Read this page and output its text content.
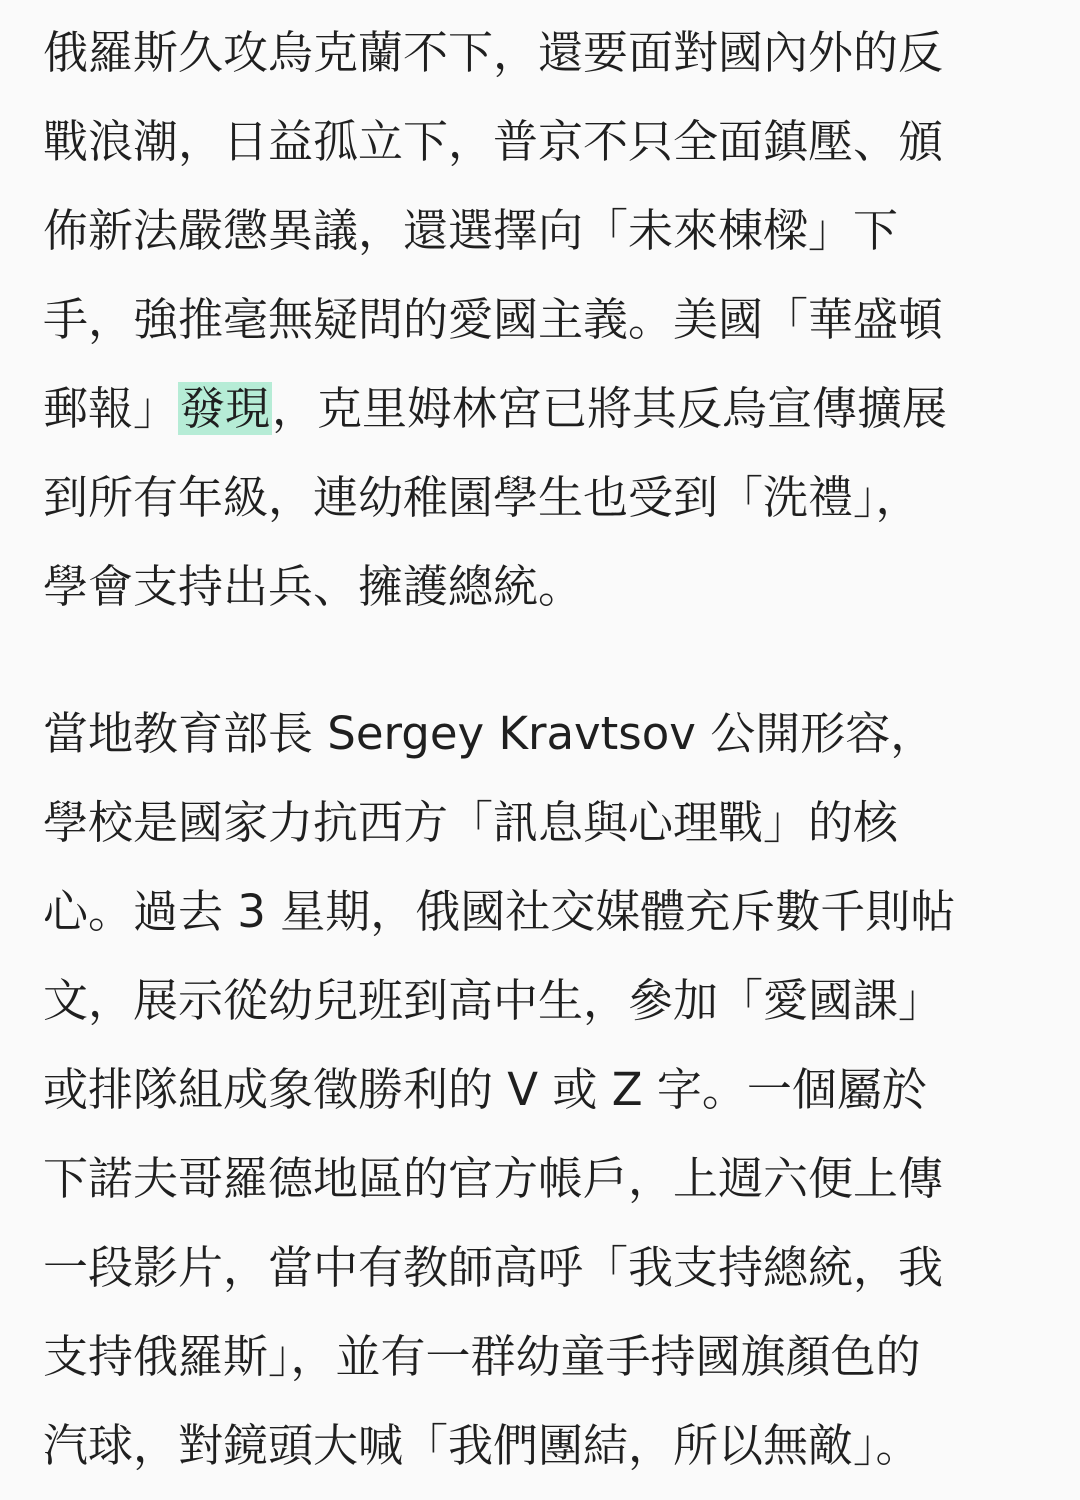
俄羅斯久攻烏克蘭不下，還要面對國內外的反
戰浪潮，日益孤立下，普京不只全面鎮壓、頒
佈新法嚴懲異議，還選擇向「未來棟樑」下
手，強推毫無疑問的愛國主義。美國「華盛頓
郵報」發現，克里姆林宮已將其反烏宣傳擴展
到所有年級，連幼稚園學生也受到「洗禮」，
學會支持出兵、擁護總統。

當地教育部長 Sergey Kravtsov 公開形容，
學校是國家力抗西方「訊息與心理戰」的核
心。過去 3 星期，俄國社交媒體充斥數千則帖
文，展示從幼兒班到高中生，參加「愛國課」
或排隊組成象徵勝利的 V 或 Z 字。一個屬於
下諾夫哥羅德地區的官方帳戶，上週六便上傳
一段影片，當中有教師高呼「我支持總統，我
支持俄羅斯」，並有一群幼童手持國旗顏色的
汽球，對鏡頭大喊「我們團結，所以無敵」。
